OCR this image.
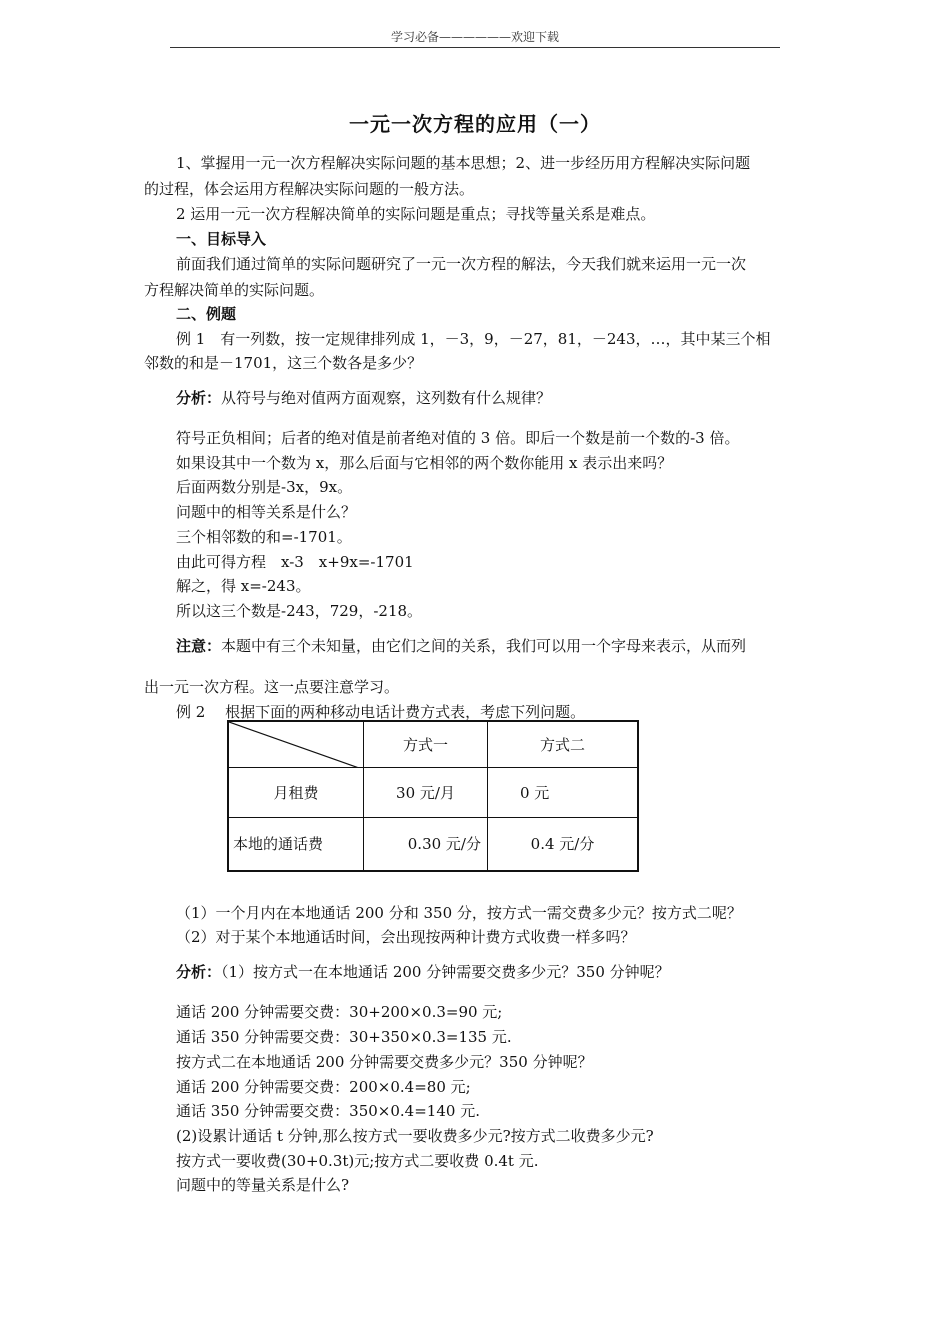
学习必备——————欢迎下载
一元一次方程的应用（一）
1、掌握用一元一次方程解决实际问题的基本思想；2、进一步经历用方程解决实际问题
的过程，体会运用方程解决实际问题的一般方法。
2 运用一元一次方程解决简单的实际问题是重点；寻找等量关系是难点。
一、目标导入
前面我们通过简单的实际问题研究了一元一次方程的解法，今天我们就来运用一元一次
方程解决简单的实际问题。
二、例题
例 1　有一列数，按一定规律排列成 1，－3，9，－27，81，－243，…，其中某三个相
邻数的和是－1701，这三个数各是多少？
分析：从符号与绝对值两方面观察，这列数有什么规律？
符号正负相间；后者的绝对值是前者绝对值的 3 倍。即后一个数是前一个数的-3 倍。
如果设其中一个数为 x，那么后面与它相邻的两个数你能用 x 表示出来吗？
后面两数分别是-3x，9x。
问题中的相等关系是什么？
三个相邻数的和=-1701。
由此可得方程　x-3　x+9x=-1701
解之，得 x=-243。
所以这三个数是-243，729，-218。
注意：本题中有三个未知量，由它们之间的关系，我们可以用一个字母来表示，从而列
出一元一次方程。这一点要注意学习。
例 2　 根据下面的两种移动电话计费方式表，考虑下列问题。
	方式一	方式二
月租费	30 元/月	0 元
本地的通话费	0.30 元/分	0.4 元/分
（1）一个月内在本地通话 200 分和 350 分，按方式一需交费多少元？按方式二呢？
（2）对于某个本地通话时间，会出现按两种计费方式收费一样多吗？
分析：（1）按方式一在本地通话 200 分钟需要交费多少元？350 分钟呢？
通话 200 分钟需要交费：30+200×0.3=90 元;
通话 350 分钟需要交费：30+350×0.3=135 元.
按方式二在本地通话 200 分钟需要交费多少元？350 分钟呢？
通话 200 分钟需要交费：200×0.4=80 元;
通话 350 分钟需要交费：350×0.4=140 元.
(2)设累计通话 t 分钟,那么按方式一要收费多少元?按方式二收费多少元?
按方式一要收费(30+0.3t)元;按方式二要收费 0.4t 元.
问题中的等量关系是什么?
